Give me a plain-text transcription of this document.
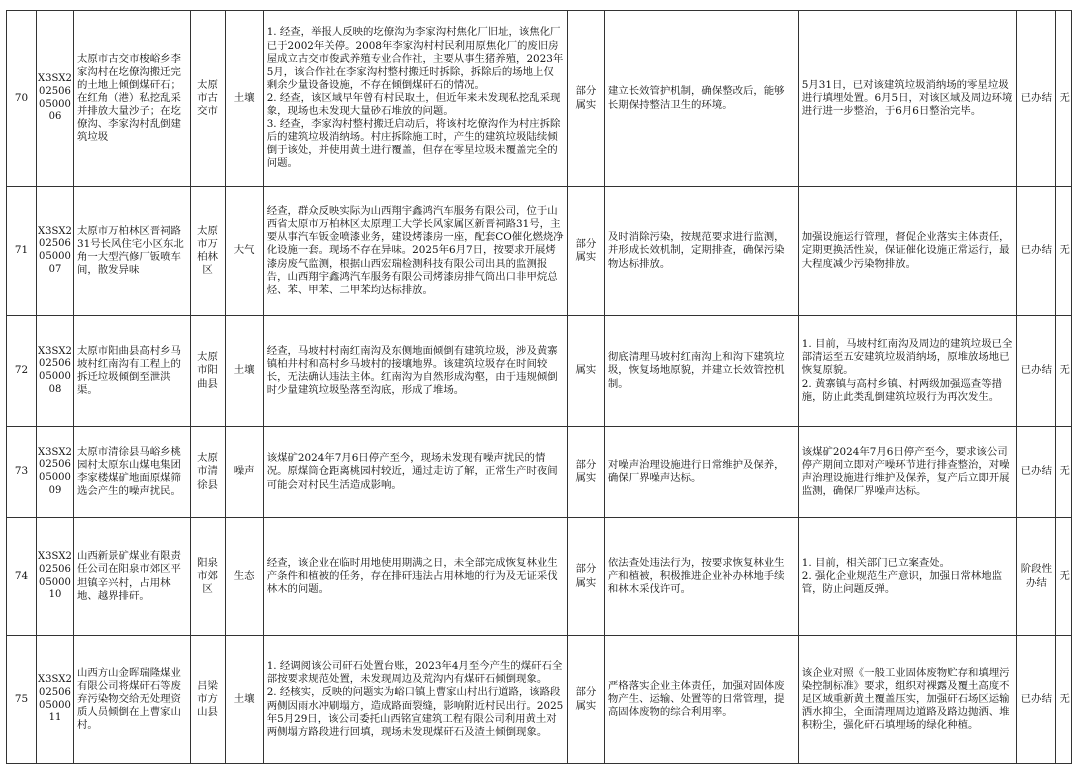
70	X3SX2025060500006	太原市古交市梭峪乡李家沟村在圪僚沟搬迁完的土地上倾倒煤矸石；在红角（港）私挖乱采并排放大量沙子；在圪僚沟、李家沟村乱倒建筑垃圾	太原市古交市	土壤	1. 经查，举报人反映的圪僚沟为李家沟村焦化厂旧址，该焦化厂已于2002年关停。2008年李家沟村村民利用原焦化厂的废旧房屋成立古交市俊武养殖专业合作社，主要从事生猪养殖，2023年5月，该合作社在李家沟村整村搬迁时拆除，拆除后的场地上仅剩余少量设备设施，不存在倾倒煤矸石的情况。
2. 经查，该区域早年曾有村民取土，但近年来未发现私挖乱采现象，现场也未发现大量砂石堆放的问题。
3. 经查，李家沟村整村搬迁启动后，将该村圪僚沟作为村庄拆除后的建筑垃圾消纳场。村庄拆除施工时，产生的建筑垃圾陆续倾倒于该处，并使用黄土进行覆盖，但存在零星垃圾未覆盖完全的问题。	部分属实	建立长效管护机制，确保整改后，能够长期保持整洁卫生的环境。	5月31日，已对该建筑垃圾消纳场的零星垃圾进行填埋处置。6月5日，对该区域及周边环境进行进一步整治，于6月6日整治完毕。	已办结	无
71	X3SX2025060500007	太原市万柏林区晋祠路31号长风住宅小区东北角一大型汽修厂钣喷车间，散发异味	太原市万柏林区	大气	经查，群众反映实际为山西翔宇鑫鸿汽车服务有限公司，位于山西省太原市万柏林区太原理工大学长风家属区新晋祠路31号，主要从事汽车钣金喷漆业务，建设烤漆房一座，配套CO催化燃烧净化设施一套。现场不存在异味。2025年6月7日，按要求开展烤漆房废气监测，根据山西宏瑞检测科技有限公司出具的监测报告，山西翔宇鑫鸿汽车服务有限公司烤漆房排气筒出口非甲烷总烃、苯、甲苯、二甲苯均达标排放。	部分属实	及时消除污染，按规范要求进行监测，并形成长效机制，定期排查，确保污染物达标排放。	加强设施运行管理，督促企业落实主体责任，定期更换活性炭，保证催化设施正常运行，最大程度减少污染物排放。	已办结	无
72	X3SX2025060500008	太原市阳曲县高村乡马坡村红南沟有工程上的拆迁垃圾倾倒至泄洪渠。	太原市阳曲县	土壤	经查，马坡村村南红南沟及东侧地面倾倒有建筑垃圾，涉及黄寨镇柏井村和高村乡马坡村的接壤地界。该建筑垃圾存在时间较长，无法确认违法主体。红南沟为自然形成沟壑，由于违规倾倒时少量建筑垃圾坠落至沟底，形成了堆场。	属实	彻底清理马坡村红南沟上和沟下建筑垃圾，恢复场地原貌，并建立长效管控机制。	1. 目前，马坡村红南沟及周边的建筑垃圾已全部清运至五安建筑垃圾消纳场，原堆放场地已恢复原貌。
2. 黄寨镇与高村乡镇、村两级加强巡查等措施，防止此类乱倒建筑垃圾行为再次发生。	已办结	无
73	X3SX2025060500009	太原市清徐县马峪乡桃园村太原东山煤电集团李家楼煤矿地面原煤筛选会产生的噪声扰民。	太原市清徐县	噪声	该煤矿2024年7月6日停产至今，现场未发现有噪声扰民的情况。原煤筒仓距离桃园村较近，通过走访了解，正常生产时夜间可能会对村民生活造成影响。	部分属实	对噪声治理设施进行日常维护及保养，确保厂界噪声达标。	该煤矿2024年7月6日停产至今，要求该公司停产期间立即对产噪环节进行排查整治，对噪声治理设施进行维护及保养，复产后立即开展监测，确保厂界噪声达标。	已办结	无
74	X3SX2025060500010	山西新景矿煤业有限责任公司在阳泉市郊区平坦镇辛兴村，占用林地、越界排矸。	阳泉市郊区	生态	经查，该企业在临时用地使用期满之日，未全部完成恢复林业生产条件和植被的任务，存在排矸违法占用林地的行为及无证采伐林木的问题。	部分属实	依法查处违法行为，按要求恢复林业生产和植被，积极推进企业补办林地手续和林木采伐许可。	1. 目前，相关部门已立案查处。
2. 强化企业规范生产意识，加强日常林地监管，防止问题反弹。	阶段性办结	无
75	X3SX2025060500011	山西方山金晖瑞隆煤业有限公司将煤矸石等废弃污染物交给无处理资质人员倾倒在上曹家山村。	吕梁市方山县	土壤	1. 经调阅该公司矸石处置台账，2023年4月至今产生的煤矸石全部按要求规范处置，未发现周边及荒沟内有煤矸石倾倒现象。
2. 经核实，反映的问题实为峪口镇上曹家山村出行道路，该路段两侧因雨水冲刷塌方，造成路面裂缝，影响附近村民出行。2025年5月29日，该公司委托山西铭宣建筑工程有限公司利用黄土对两侧塌方路段进行回填，现场未发现煤矸石及渣土倾倒现象。	部分属实	严格落实企业主体责任，加强对固体废物产生、运输、处置等的日常管理，提高固体废物的综合利用率。	该企业对照《一般工业固体废物贮存和填埋污染控制标准》要求，组织对裸露及覆土高度不足区域重新黄土覆盖压实，加强矸石场区运输洒水抑尘，全面清理周边道路及路边抛洒、堆积粉尘，强化矸石填埋场的绿化种植。	已办结	无
